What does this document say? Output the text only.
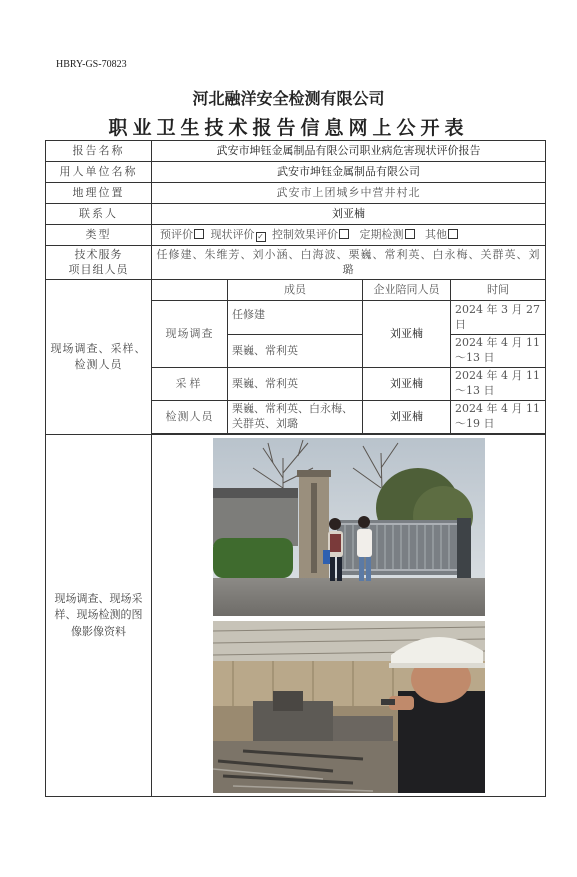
HBRY-GS-70823
河北融洋安全检测有限公司
职业卫生技术报告信息网上公开表
报告名称	武安市坤钰金属制品有限公司职业病危害现状评价报告			
用人单位名称	武安市坤钰金属制品有限公司			
地理位置	武安市上团城乡中营井村北			
联系人	刘亚楠			
类型	预评价 现状评价 ✓ 控制效果评价 定期检测 其他			
技术服务
项目组人员	任修建、朱维芳、刘小涵、白海波、栗巍、常利英、白永梅、关群英、刘璐			
现场调查、采样、检测人员		成员	企业陪同人员	时间
	现场调查	任修建	刘亚楠	2024 年 3 月 27 日
		栗巍、常利英		2024 年 4 月 11～13 日
	采样	栗巍、常利英	刘亚楠	2024 年 4 月 11～13 日
	检测人员	栗巍、常利英、白永梅、关群英、刘璐	刘亚楠	2024 年 4 月 11～19 日

现场调查、现场采样、现场检测的图像影像资料	
